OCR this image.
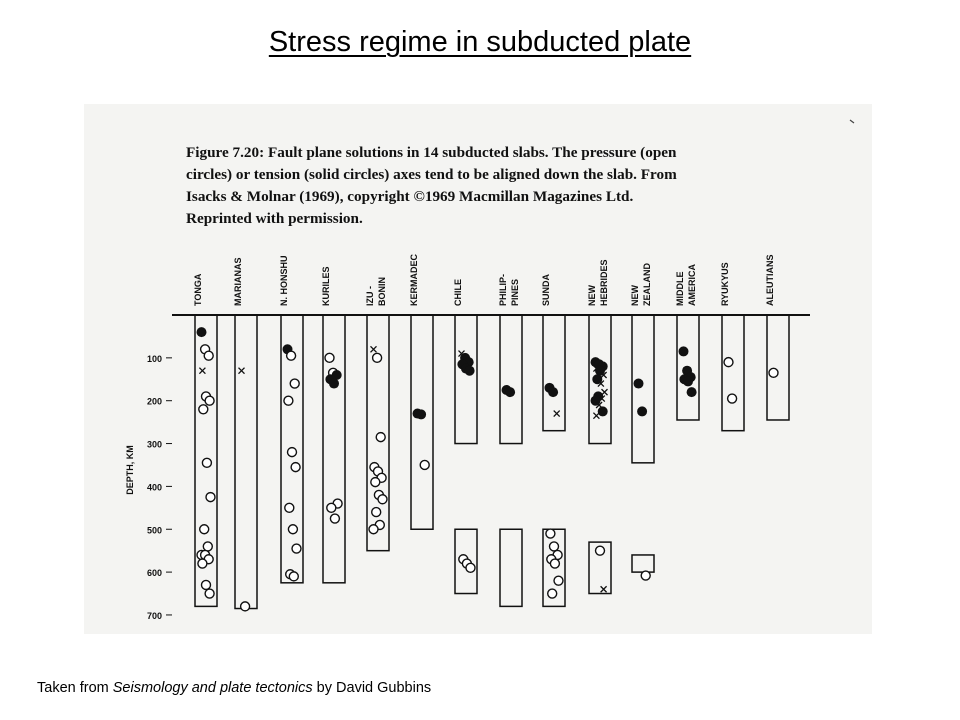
Stress regime in subducted plate
Figure 7.20: Fault plane solutions in 14 subducted slabs. The pressure (open
circles) or tension (solid circles) axes tend to be aligned down the slab. From
Isacks & Molnar (1969), copyright ©1969 Macmillan Magazines Ltd.
Reprinted with permission.
100
200
300
400
500
600
700
DEPTH, KM
TONGA	MARIANAS	N. HONSHU	KURILES	IZU - BONIN KERMADEC	CHILE	PHILIP- PINES SUNDA	NEW HEBRIDES NEW ZEALAND	MIDDLE AMERICA	RYUKYUS	ALEUTIANS
Taken from Seismology and plate tectonics by David Gubbins
